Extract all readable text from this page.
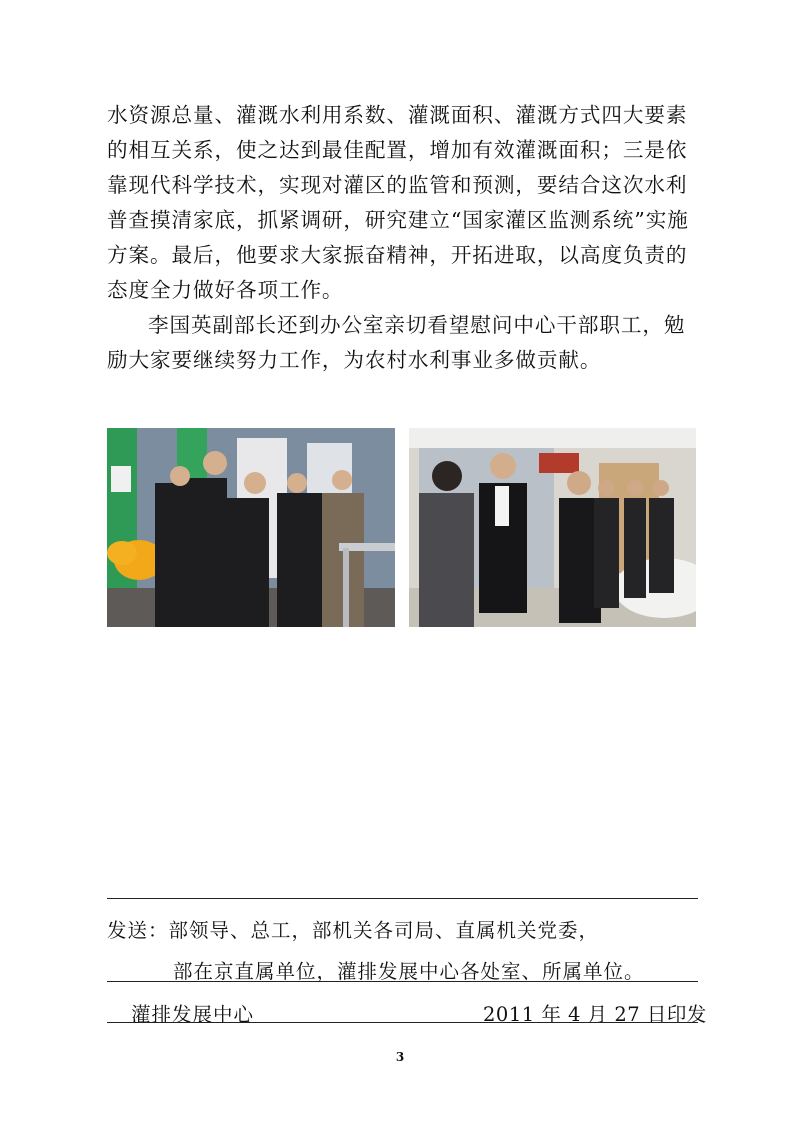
水资源总量、灌溉水利用系数、灌溉面积、灌溉方式四大要素的相互关系，使之达到最佳配置，增加有效灌溉面积；三是依靠现代科学技术，实现对灌区的监管和预测，要结合这次水利普查摸清家底，抓紧调研，研究建立“国家灌区监测系统”实施方案。最后，他要求大家振奋精神，开拓进取，以高度负责的态度全力做好各项工作。

李国英副部长还到办公室亲切看望慰问中心干部职工，勉励大家要继续努力工作，为农村水利事业多做贡献。

发送：部领导、总工，部机关各司局、直属机关党委，
部在京直属单位，灌排发展中心各处室、所属单位。
灌排发展中心	2011 年 4 月 27 日印发
3
